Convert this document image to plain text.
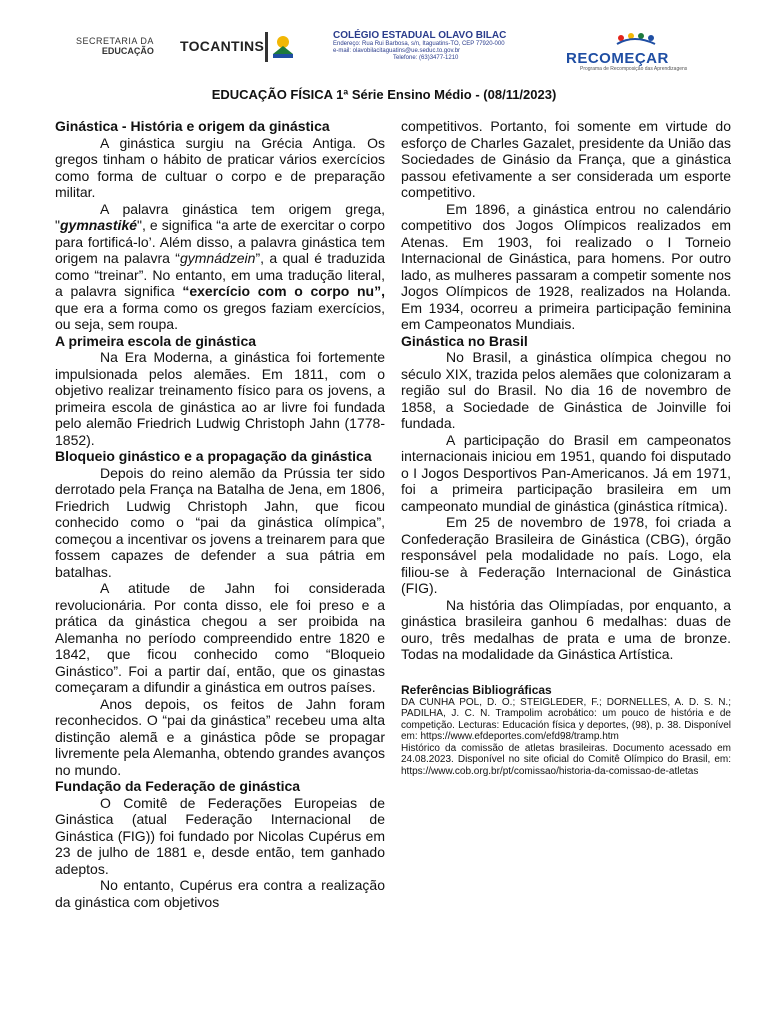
SECRETARIA DA
EDUCAÇÃO TOCANTINS
COLÉGIO ESTADUAL OLAVO BILAC
Endereço: Rua Rui Barbosa, s/n, Itaguatins-TO, CEP 77920-000
e-mail: olavobilacitaguatins@ue.seduc.to.gov.br
Telefone: (63)3477-1210	RECOMEÇAR
Programa de Recomposição das Aprendizagens
EDUCAÇÃO FÍSICA 1ª Série Ensino Médio - (08/11/2023)
Ginástica - História e origem da ginástica

A ginástica surgiu na Grécia Antiga. Os gregos tinham o hábito de praticar vários exercícios como forma de cultuar o corpo e de preparação militar.

A palavra ginástica tem origem grega, "gymnastiké", e significa “a arte de exercitar o corpo para fortificá-lo’. Além disso, a palavra ginástica tem origem na palavra “gymnádzein”, a qual é traduzida como “treinar”. No entanto, em uma tradução literal, a palavra significa “exercício com o corpo nu”, que era a forma como os gregos faziam exercícios, ou seja, sem roupa.

A primeira escola de ginástica

Na Era Moderna, a ginástica foi fortemente impulsionada pelos alemães. Em 1811, com o objetivo realizar treinamento físico para os jovens, a primeira escola de ginástica ao ar livre foi fundada pelo alemão Friedrich Ludwig Christoph Jahn (1778-1852).

Bloqueio ginástico e a propagação da ginástica

Depois do reino alemão da Prússia ter sido derrotado pela França na Batalha de Jena, em 1806, Friedrich Ludwig Christoph Jahn, que ficou conhecido como o “pai da ginástica olímpica”, começou a incentivar os jovens a treinarem para que fossem capazes de defender a sua pátria em batalhas.

A atitude de Jahn foi considerada revolucionária. Por conta disso, ele foi preso e a prática da ginástica chegou a ser proibida na Alemanha no período compreendido entre 1820 e 1842, que ficou conhecido como “Bloqueio Ginástico”. Foi a partir daí, então, que os ginastas começaram a difundir a ginástica em outros países.

Anos depois, os feitos de Jahn foram reconhecidos. O “pai da ginástica” recebeu uma alta distinção alemã e a ginástica pôde se propagar livremente pela Alemanha, obtendo grandes avanços no mundo.

Fundação da Federação de ginástica

O Comitê de Federações Europeias de Ginástica (atual Federação Internacional de Ginástica (FIG)) foi fundado por Nicolas Cupérus em 23 de julho de 1881 e, desde então, tem ganhado adeptos.

No entanto, Cupérus era contra a realização da ginástica com objetivos

competitivos. Portanto, foi somente em virtude do esforço de Charles Gazalet, presidente da União das Sociedades de Ginásio da França, que a ginástica passou efetivamente a ser considerada um esporte competitivo.

Em 1896, a ginástica entrou no calendário competitivo dos Jogos Olímpicos realizados em Atenas. Em 1903, foi realizado o I Torneio Internacional de Ginástica, para homens. Por outro lado, as mulheres passaram a competir somente nos Jogos Olímpicos de 1928, realizados na Holanda. Em 1934, ocorreu a primeira participação feminina em Campeonatos Mundiais.

Ginástica no Brasil

No Brasil, a ginástica olímpica chegou no século XIX, trazida pelos alemães que colonizaram a região sul do Brasil. No dia 16 de novembro de 1858, a Sociedade de Ginástica de Joinville foi fundada.

A participação do Brasil em campeonatos internacionais iniciou em 1951, quando foi disputado o I Jogos Desportivos Pan-Americanos. Já em 1971, foi a primeira participação brasileira em um campeonato mundial de ginástica (ginástica rítmica).

Em 25 de novembro de 1978, foi criada a Confederação Brasileira de Ginástica (CBG), órgão responsável pela modalidade no país. Logo, ela filiou-se à Federação Internacional de Ginástica (FIG).

Na história das Olimpíadas, por enquanto, a ginástica brasileira ganhou 6 medalhas: duas de ouro, três medalhas de prata e uma de bronze. Todas na modalidade da Ginástica Artística.

Referências Bibliográficas

DA CUNHA POL, D. O.; STEIGLEDER, F.; DORNELLES, A. D. S. N.; PADILHA, J. C. N. Trampolim acrobático: um pouco de história e de competição. Lecturas: Educación física y deportes, (98), p. 38. Disponível em: https://www.efdeportes.com/efd98/tramp.htm

Histórico da comissão de atletas brasileiras. Documento acessado em 24.08.2023. Disponível no site oficial do Comitê Olímpico do Brasil, em: https://www.cob.org.br/pt/comissao/historia-da-comissao-de-atletas
